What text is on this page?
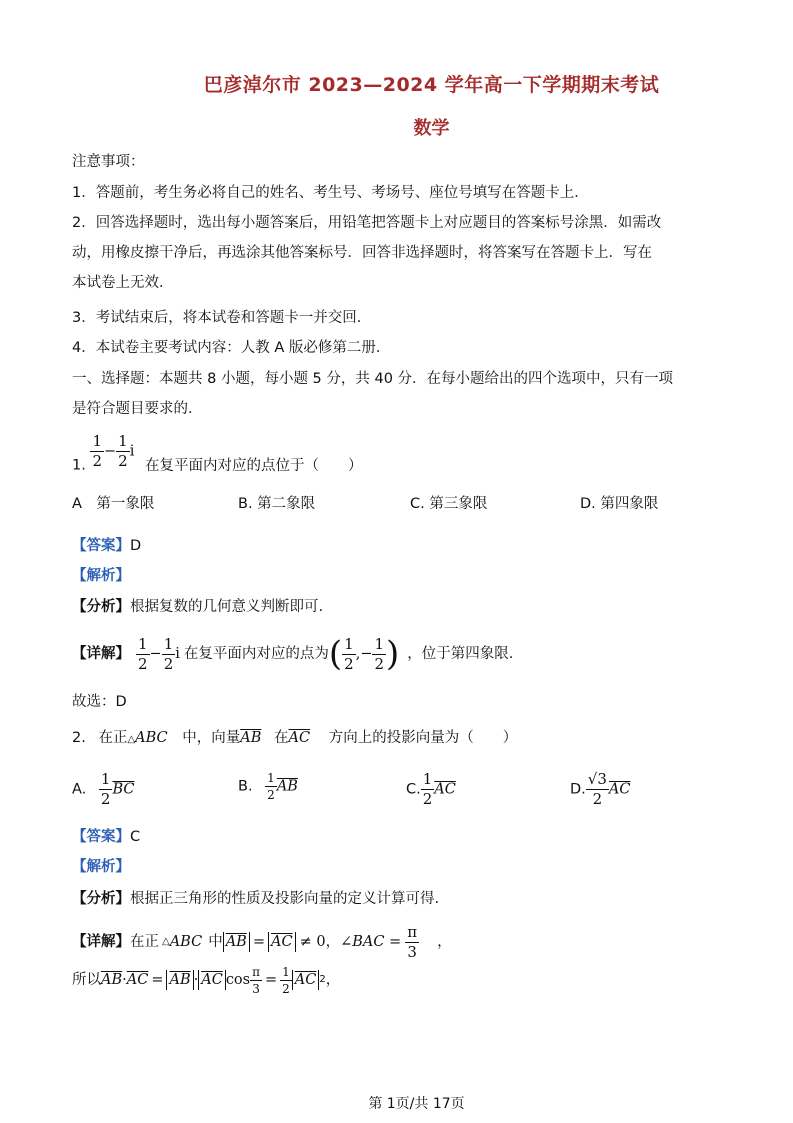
巴彦淖尔市 2023—2024 学年高一下学期期末考试
数学
注意事项：
1．答题前，考生务必将自己的姓名、考生号、考场号、座位号填写在答题卡上．
2．回答选择题时，选出每小题答案后，用铅笔把答题卡上对应题目的答案标号涂黑．如需改
动，用橡皮擦干净后，再选涂其他答案标号．回答非选择题时，将答案写在答题卡上．写在
本试卷上无效．
3．考试结束后，将本试卷和答题卡一并交回．
4．本试卷主要考试内容：人教 A 版必修第二册．
一、选择题：本题共 8 小题，每小题 5 分，共 40 分．在每小题给出的四个选项中，只有一项
是符合题目要求的．
1. $\frac{1}{2} - \frac{1}{2}$ i 在复平面内对应的点位于（　　）
A　第一象限	B. 第二象限	C. 第三象限	D. 第四象限
【答案】D
【解析】
【分析】根据复数的几何意义判断即可.
【详解】 $\frac{1}{2} - \frac{1}{2}$ i 在复平面内对应的点为 ( $\frac{1}{2}$ , − $\frac{1}{2}$ ) ，位于第四象限.
故选：D
2. 在正△ABC 中，向量$\overline{AB}$ 在$\overline{AC}$ 方向上的投影向量为（　　）
A. $\frac{1}{2} \overline{BC}$	B. $\frac{1}{2} \overline{AB}$	C. $\frac{1}{2} \overline{AC}$	D. $\frac{√3}{2} \overline{AC}$
【答案】C
【解析】
【分析】根据正三角形的性质及投影向量的定义计算可得.
【详解】 在正 △ ABC 中 $\overline{AB} = \overline{AC} \ne 0$ ， ∠BAC = $\frac{\pi}{3}$ ，
所以 $\overline{AB} \cdot \overline{AC} = \overline{AB} \cdot \overline{AC}$ $\cos \frac{\pi}{3} = \frac{1}{2} \overline{AC}$ 2 ，
第 1页/共 17页
